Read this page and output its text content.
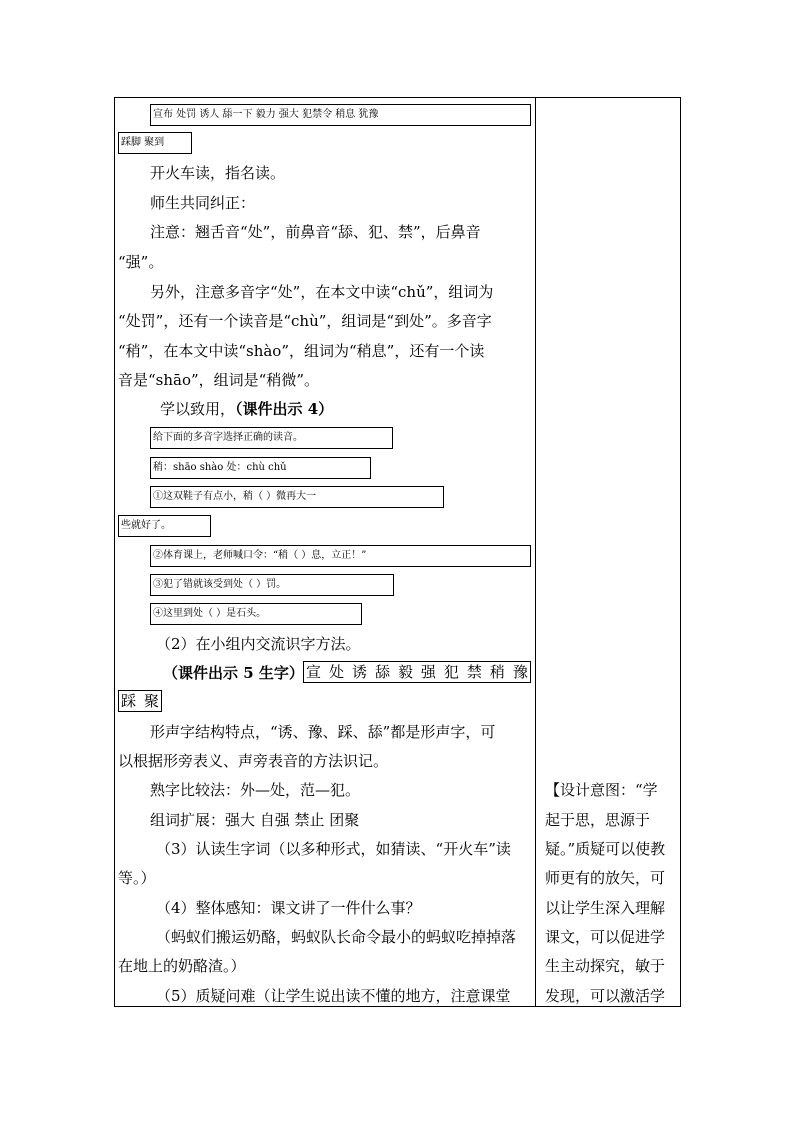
宣布 处罚 诱人 舔一下 毅力 强大 犯禁令 稍息 犹豫
踩脚 聚到
开火车读，指名读。
师生共同纠正：
注意：翘舌音“处”，前鼻音“舔、犯、禁”，后鼻音
“强”。
另外，注意多音字“处”，在本文中读“chǔ”，组词为
“处罚”，还有一个读音是“chù”，组词是“到处”。多音字
“稍”，在本文中读“shào”，组词为“稍息”，还有一个读
音是“shāo”，组词是“稍微”。
学以致用，（课件出示 4）
给下面的多音字选择正确的读音。
稍：shāo shào 处：chù chǔ
①这双鞋子有点小，稍（ ）微再大一
些就好了。
②体育课上，老师喊口令：“稍（ ）息，立正！”
③犯了错就该受到处（ ）罚。
④这里到处（ ）是石头。
（2）在小组内交流识字方法。
（课件出示 5 生字） 宣 处 诱 舔 毅 强 犯 禁 稍 豫
踩 聚
形声字结构特点，“诱、豫、踩、舔”都是形声字，可
以根据形旁表义、声旁表音的方法识记。
熟字比较法：外—处，范—犯。
组词扩展：强大 自强 禁止 团聚
（3）认读生字词（以多种形式，如猜读、“开火车”读
等。）
（4）整体感知：课文讲了一件什么事？
（蚂蚁们搬运奶酪，蚂蚁队长命令最小的蚂蚁吃掉掉落
在地上的奶酪渣。）
（5）质疑问难（让学生说出读不懂的地方，注意课堂
【设计意图：“学
起于思，思源于
疑。”质疑可以使教
师更有的放矢，可
以让学生深入理解
课文，可以促进学
生主动探究，敏于
发现，可以激活学
